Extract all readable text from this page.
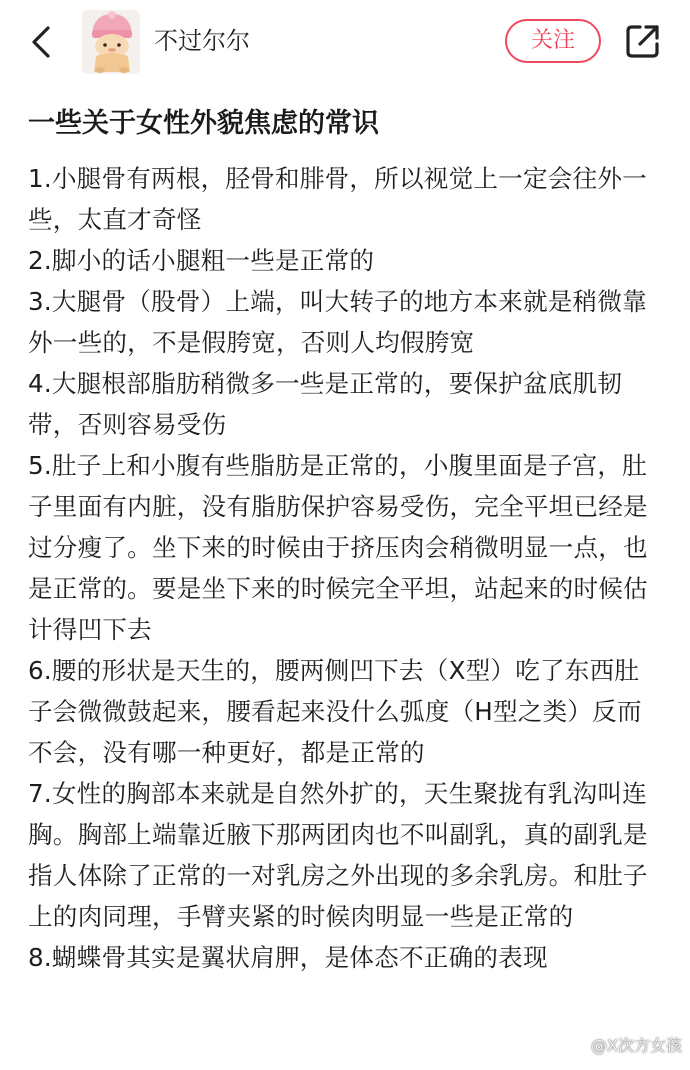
不过尔尔	关注
一些关于女性外貌焦虑的常识

1.小腿骨有两根，胫骨和腓骨，所以视觉上一定会往外一些，太直才奇怪

2.脚小的话小腿粗一些是正常的

3.大腿骨（股骨）上端，叫大转子的地方本来就是稍微靠外一些的，不是假胯宽，否则人均假胯宽

4.大腿根部脂肪稍微多一些是正常的，要保护盆底肌韧带，否则容易受伤

5.肚子上和小腹有些脂肪是正常的，小腹里面是子宫，肚子里面有内脏，没有脂肪保护容易受伤，完全平坦已经是过分瘦了。坐下来的时候由于挤压肉会稍微明显一点，也是正常的。要是坐下来的时候完全平坦，站起来的时候估计得凹下去

6.腰的形状是天生的，腰两侧凹下去（X型）吃了东西肚子会微微鼓起来，腰看起来没什么弧度（H型之类）反而不会，没有哪一种更好，都是正常的

7.女性的胸部本来就是自然外扩的，天生聚拢有乳沟叫连胸。胸部上端靠近腋下那两团肉也不叫副乳，真的副乳是指人体除了正常的一对乳房之外出现的多余乳房。和肚子上的肉同理，手臂夹紧的时候肉明显一些是正常的

8.蝴蝶骨其实是翼状肩胛，是体态不正确的表现

@X次方女孩
